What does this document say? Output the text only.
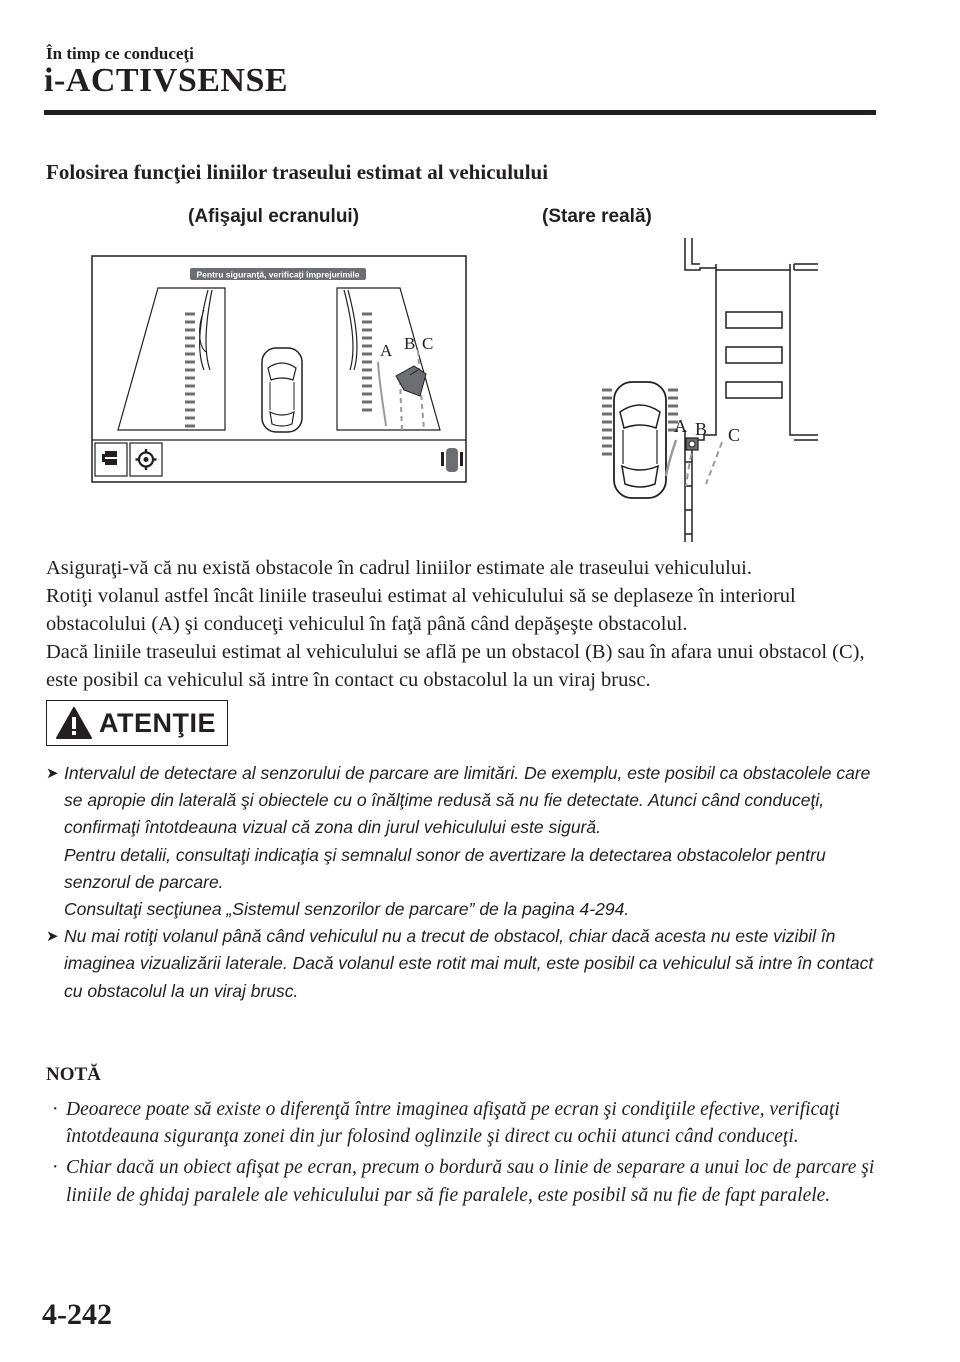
În timp ce conduceţi
i-ACTIVSENSE
Folosirea funcţiei liniilor traseului estimat al vehiculului
(Afişajul ecranului)	(Stare reală)
Pentru siguranţă, verificaţi împrejurimile
A B C
A B C

Asiguraţi-vă că nu există obstacole în cadrul liniilor estimate ale traseului vehiculului.

Rotiţi volanul astfel încât liniile traseului estimat al vehiculului să se deplaseze în interiorul obstacolului (A) şi conduceţi vehiculul în faţă până când depăşeşte obstacolul.

Dacă liniile traseului estimat al vehiculului se află pe un obstacol (B) sau în afara unui obstacol (C), este posibil ca vehiculul să intre în contact cu obstacolul la un viraj brusc.

ATENŢIE
➤ Intervalul de detectare al senzorului de parcare are limitări. De exemplu, este posibil ca obstacolele care se apropie din laterală şi obiectele cu o înălţime redusă să nu fie detectate. Atunci când conduceţi, confirmaţi întotdeauna vizual că zona din jurul vehiculului este sigură.

Pentru detalii, consultaţi indicaţia şi semnalul sonor de avertizare la detectarea obstacolelor pentru senzorul de parcare.

Consultaţi secţiunea „Sistemul senzorilor de parcare” de la pagina 4-294.

➤ Nu mai rotiţi volanul până când vehiculul nu a trecut de obstacol, chiar dacă acesta nu este vizibil în imaginea vizualizării laterale. Dacă volanul este rotit mai mult, este posibil ca vehiculul să intre în contact cu obstacolul la un viraj brusc.

NOTĂ
· Deoarece poate să existe o diferenţă între imaginea afişată pe ecran şi condiţiile efective, verificaţi întotdeauna siguranţa zonei din jur folosind oglinzile şi direct cu ochii atunci când conduceţi.

· Chiar dacă un obiect afişat pe ecran, precum o bordură sau o linie de separare a unui loc de parcare şi liniile de ghidaj paralele ale vehiculului par să fie paralele, este posibil să nu fie de fapt paralele.

4-242
